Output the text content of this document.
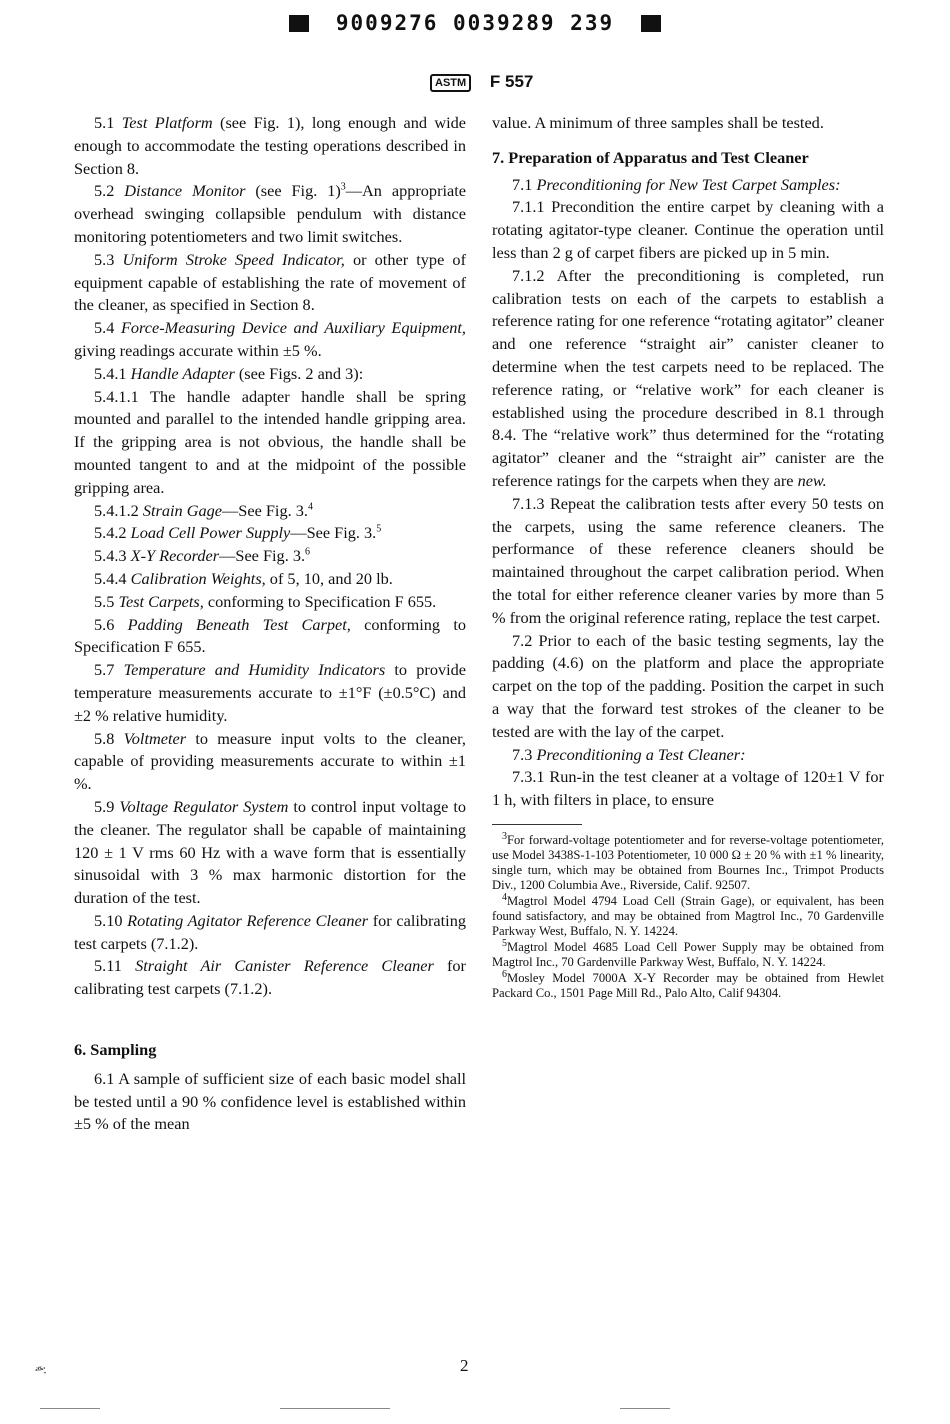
9009276 0039289 239
ASTM F 557

5.1 Test Platform (see Fig. 1), long enough and wide enough to accommodate the testing operations described in Section 8.

5.2 Distance Monitor (see Fig. 1)$^3$—An appropriate overhead swinging collapsible pendulum with distance monitoring potentiometers and two limit switches.

5.3 Uniform Stroke Speed Indicator, or other type of equipment capable of establishing the rate of movement of the cleaner, as specified in Section 8.

5.4 Force-Measuring Device and Auxiliary Equipment, giving readings accurate within ±5 %.

5.4.1 Handle Adapter (see Figs. 2 and 3):

5.4.1.1 The handle adapter handle shall be spring mounted and parallel to the intended handle gripping area. If the gripping area is not obvious, the handle shall be mounted tangent to and at the midpoint of the possible gripping area.

5.4.1.2 Strain Gage—See Fig. 3.$^4$

5.4.2 Load Cell Power Supply—See Fig. 3.$^5$

5.4.3 X-Y Recorder—See Fig. 3.$^6$

5.4.4 Calibration Weights, of 5, 10, and 20 lb.

5.5 Test Carpets, conforming to Specification F 655.

5.6 Padding Beneath Test Carpet, conforming to Specification F 655.

5.7 Temperature and Humidity Indicators to provide temperature measurements accurate to ±1°F (±0.5°C) and ±2 % relative humidity.

5.8 Voltmeter to measure input volts to the cleaner, capable of providing measurements accurate to within ±1 %.

5.9 Voltage Regulator System to control input voltage to the cleaner. The regulator shall be capable of maintaining 120 ± 1 V rms 60 Hz with a wave form that is essentially sinusoidal with 3 % max harmonic distortion for the duration of the test.

5.10 Rotating Agitator Reference Cleaner for calibrating test carpets (7.1.2).

5.11 Straight Air Canister Reference Cleaner for calibrating test carpets (7.1.2).

6. Sampling

6.1 A sample of sufficient size of each basic model shall be tested until a 90 % confidence level is established within ±5 % of the mean

value. A minimum of three samples shall be tested.

7. Preparation of Apparatus and Test Cleaner

7.1 Preconditioning for New Test Carpet Samples:

7.1.1 Precondition the entire carpet by cleaning with a rotating agitator-type cleaner. Continue the operation until less than 2 g of carpet fibers are picked up in 5 min.

7.1.2 After the preconditioning is completed, run calibration tests on each of the carpets to establish a reference rating for one reference “rotating agitator” cleaner and one reference “straight air” canister cleaner to determine when the test carpets need to be replaced. The reference rating, or “relative work” for each cleaner is established using the procedure described in 8.1 through 8.4. The “relative work” thus determined for the “rotating agitator” cleaner and the “straight air” canister are the reference ratings for the carpets when they are new.

7.1.3 Repeat the calibration tests after every 50 tests on the carpets, using the same reference cleaners. The performance of these reference cleaners should be maintained throughout the carpet calibration period. When the total for either reference cleaner varies by more than 5 % from the original reference rating, replace the test carpet.

7.2 Prior to each of the basic testing segments, lay the padding (4.6) on the platform and place the appropriate carpet on the top of the padding. Position the carpet in such a way that the forward test strokes of the cleaner to be tested are with the lay of the carpet.

7.3 Preconditioning a Test Cleaner:

7.3.1 Run-in the test cleaner at a voltage of 120±1 V for 1 h, with filters in place, to ensure

$^3$For forward-voltage potentiometer and for reverse-voltage potentiometer, use Model 3438S-1-103 Potentiometer, 10 000 Ω ± 20 % with ±1 % linearity, single turn, which may be obtained from Bournes Inc., Trimpot Products Div., 1200 Columbia Ave., Riverside, Calif. 92507.

$^4$Magtrol Model 4794 Load Cell (Strain Gage), or equivalent, has been found satisfactory, and may be obtained from Magtrol Inc., 70 Gardenville Parkway West, Buffalo, N. Y. 14224.

$^5$Magtrol Model 4685 Load Cell Power Supply may be obtained from Magtrol Inc., 70 Gardenville Parkway West, Buffalo, N. Y. 14224.

$^6$Mosley Model 7000A X-Y Recorder may be obtained from Hewlet Packard Co., 1501 Page Mill Rd., Palo Alto, Calif 94304.

2
·ᵃᵒˢ·:
